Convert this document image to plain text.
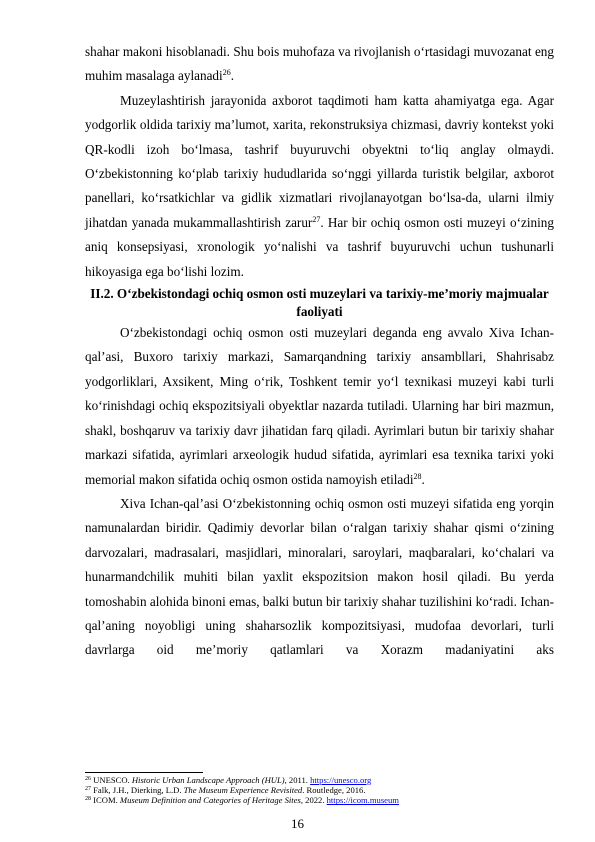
shahar makoni hisoblanadi. Shu bois muhofaza va rivojlanish o‘rtasidagi muvozanat eng muhim masalaga aylanadi$^{26}$.

Muzeylashtirish jarayonida axborot taqdimoti ham katta ahamiyatga ega. Agar yodgorlik oldida tarixiy ma’lumot, xarita, rekonstruksiya chizmasi, davriy kontekst yoki QR-kodli izoh bo‘lmasa, tashrif buyuruvchi obyektni to‘liq anglay olmaydi. O‘zbekistonning ko‘plab tarixiy hududlarida so‘nggi yillarda turistik belgilar, axborot panellari, ko‘rsatkichlar va gidlik xizmatlari rivojlanayotgan bo‘lsa-da, ularni ilmiy jihatdan yanada mukammallashtirish zarur$^{27}$. Har bir ochiq osmon osti muzeyi o‘zining aniq konsepsiyasi, xronologik yo‘nalishi va tashrif buyuruvchi uchun tushunarli hikoyasiga ega bo‘lishi lozim.

II.2. O‘zbekistondagi ochiq osmon osti muzeylari va tarixiy-me’moriy majmualar faoliyati

O‘zbekistondagi ochiq osmon osti muzeylari deganda eng avvalo Xiva Ichan-qal’asi, Buxoro tarixiy markazi, Samarqandning tarixiy ansambllari, Shahrisabz yodgorliklari, Axsikent, Ming o‘rik, Toshkent temir yo‘l texnikasi muzeyi kabi turli ko‘rinishdagi ochiq ekspozitsiyali obyektlar nazarda tutiladi. Ularning har biri mazmun, shakl, boshqaruv va tarixiy davr jihatidan farq qiladi. Ayrimlari butun bir tarixiy shahar markazi sifatida, ayrimlari arxeologik hudud sifatida, ayrimlari esa texnika tarixi yoki memorial makon sifatida ochiq osmon ostida namoyish etiladi$^{28}$.

Xiva Ichan-qal’asi O‘zbekistonning ochiq osmon osti muzeyi sifatida eng yorqin namunalardan biridir. Qadimiy devorlar bilan o‘ralgan tarixiy shahar qismi o‘zining darvozalari, madrasalari, masjidlari, minoralari, saroylari, maqbaralari, ko‘chalari va hunarmandchilik muhiti bilan yaxlit ekspozitsion makon hosil qiladi. Bu yerda tomoshabin alohida binoni emas, balki butun bir tarixiy shahar tuzilishini ko‘radi. Ichan-qal’aning noyobligi uning shaharsozlik kompozitsiyasi, mudofaa devorlari, turli davrlarga oid me’moriy qatlamlari va Xorazm madaniyatini aks

$^{26}$ UNESCO. Historic Urban Landscape Approach (HUL), 2011. https://unesco.org

$^{27}$ Falk, J.H., Dierking, L.D. The Museum Experience Revisited. Routledge, 2016.

$^{28}$ ICOM. Museum Definition and Categories of Heritage Sites, 2022. https://icom.museum

16
